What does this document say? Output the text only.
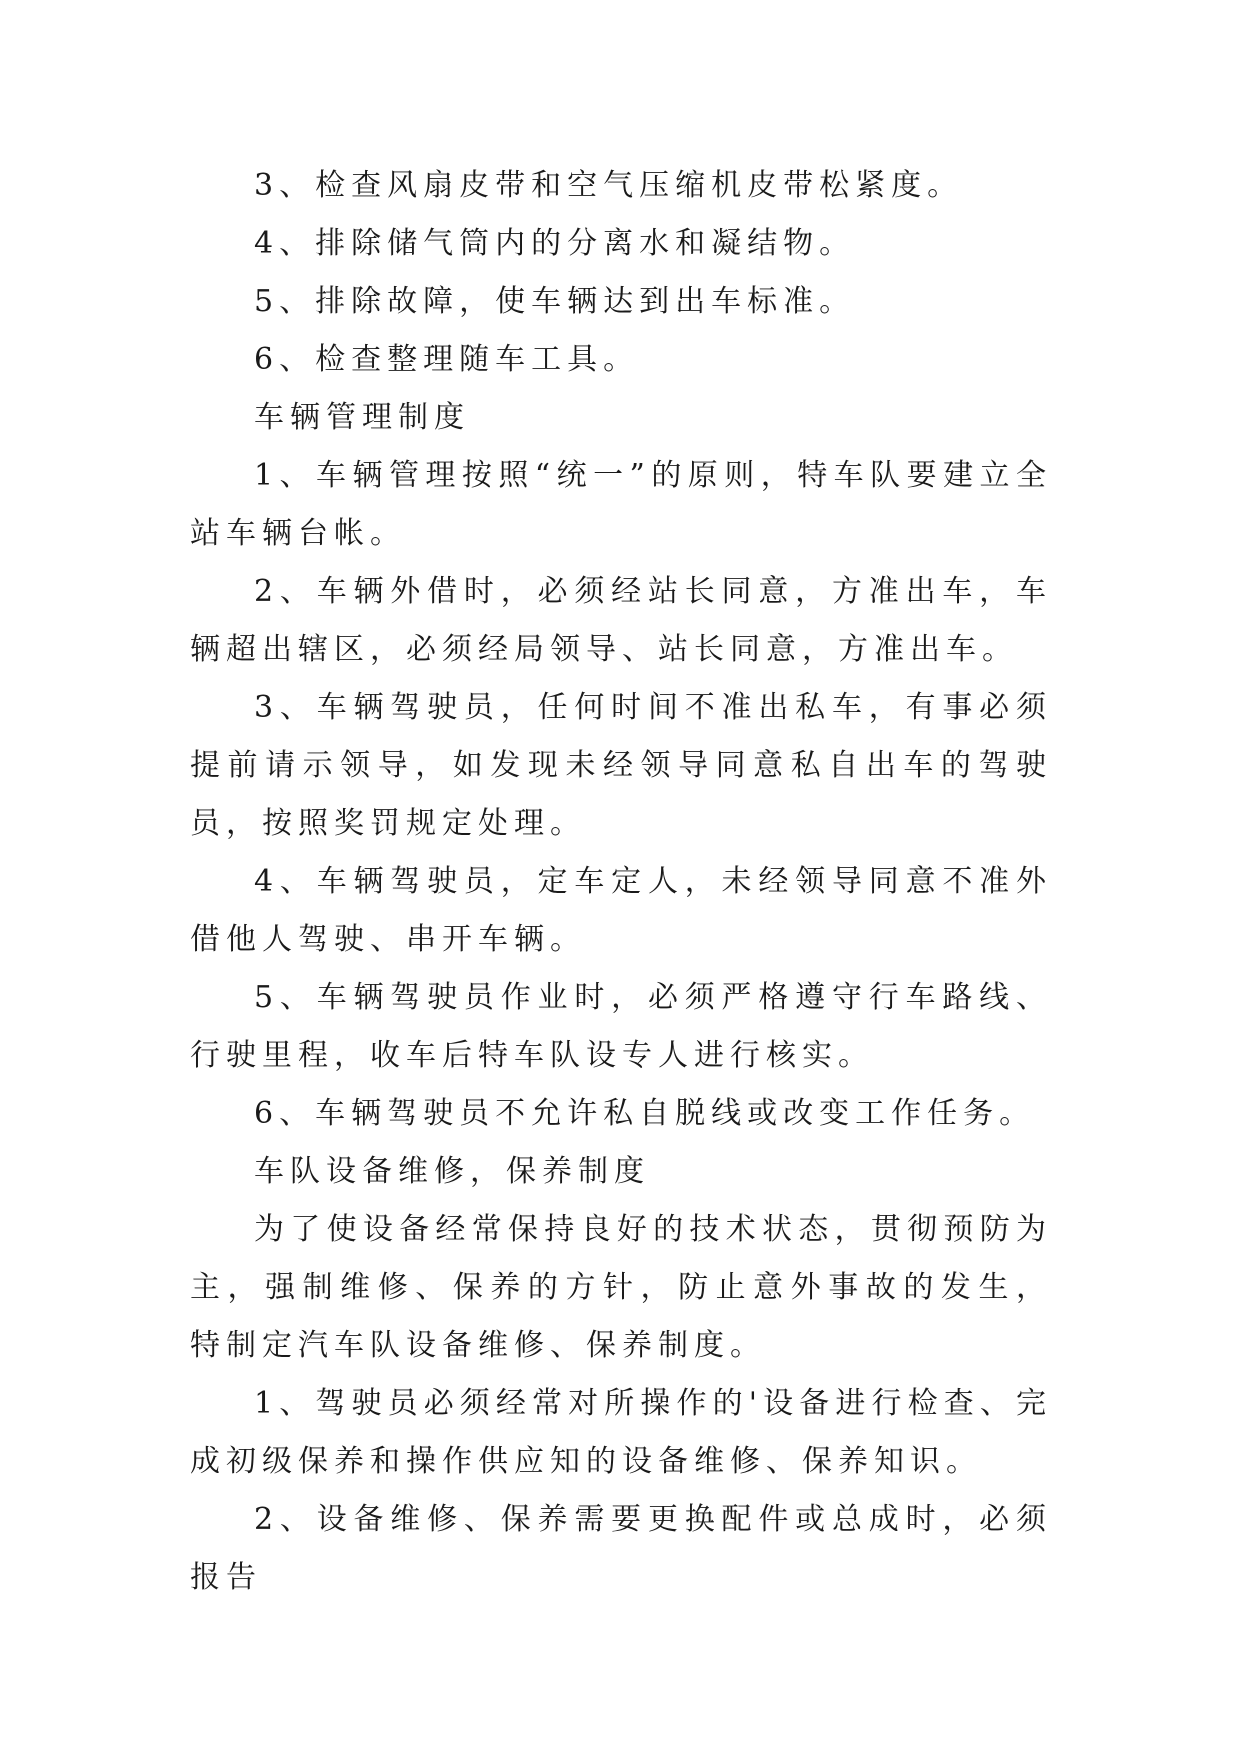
3、检查风扇皮带和空气压缩机皮带松紧度。

4、排除储气筒内的分离水和凝结物。

5、排除故障，使车辆达到出车标准。

6、检查整理随车工具。

车辆管理制度

1、车辆管理按照“统一”的原则，特车队要建立全站车辆台帐。

2、车辆外借时，必须经站长同意，方准出车，车辆超出辖区，必须经局领导、站长同意，方准出车。

3、车辆驾驶员，任何时间不准出私车，有事必须提前请示领导，如发现未经领导同意私自出车的驾驶员，按照奖罚规定处理。

4、车辆驾驶员，定车定人，未经领导同意不准外借他人驾驶、串开车辆。

5、车辆驾驶员作业时，必须严格遵守行车路线、行驶里程，收车后特车队设专人进行核实。

6、车辆驾驶员不允许私自脱线或改变工作任务。

车队设备维修，保养制度

为了使设备经常保持良好的技术状态，贯彻预防为主，强制维修、保养的方针，防止意外事故的发生，特制定汽车队设备维修、保养制度。

1、驾驶员必须经常对所操作的'设备进行检查、完成初级保养和操作供应知的设备维修、保养知识。

2、设备维修、保养需要更换配件或总成时，必须报告
